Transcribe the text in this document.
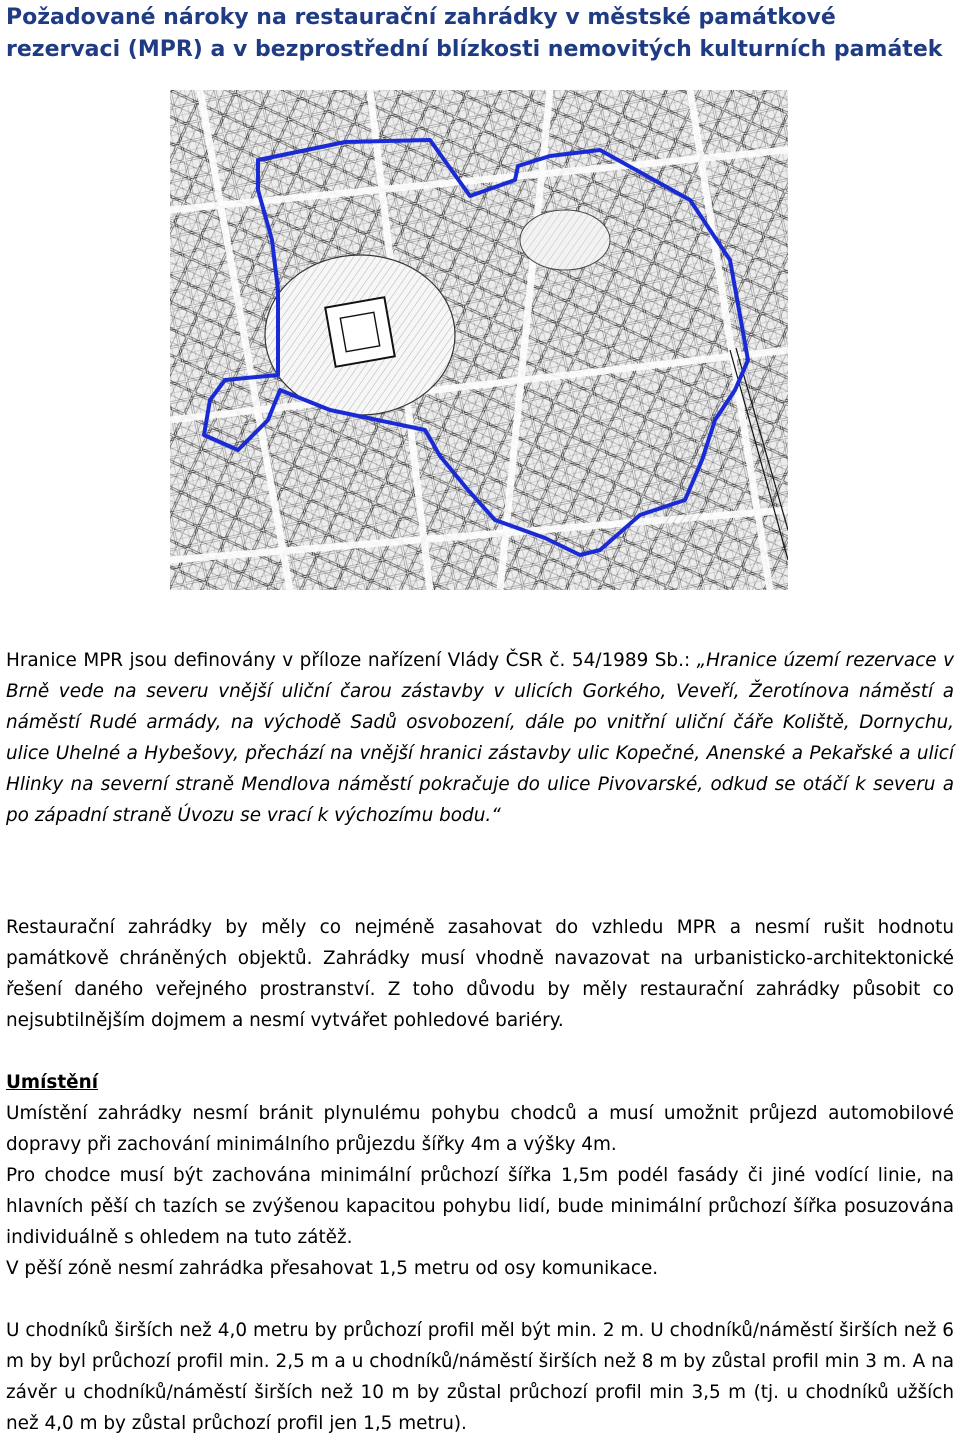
Požadované nároky na restaurační zahrádky v městské památkové rezervaci (MPR) a v bezprostřední blízkosti nemovitých kulturních památek

Hranice MPR jsou definovány v příloze nařízení Vlády ČSR č. 54/1989 Sb.: „Hranice území rezervace v Brně vede na severu vnější uliční čarou zástavby v ulicích Gorkého, Veveří, Žerotínova náměstí a náměstí Rudé armády, na východě Sadů osvobození, dále po vnitřní uliční čáře Koliště, Dornychu, ulice Uhelné a Hybešovy, přechází na vnější hranici zástavby ulic Kopečné, Anenské a Pekařské a ulicí Hlinky na severní straně Mendlova náměstí pokračuje do ulice Pivovarské, odkud se otáčí k severu a po západní straně Úvozu se vrací k výchozímu bodu.“

Restaurační zahrádky by měly co nejméně zasahovat do vzhledu MPR a nesmí rušit hodnotu památkově chráněných objektů. Zahrádky musí vhodně navazovat na urbanisticko-architektonické řešení daného veřejného prostranství. Z toho důvodu by měly restaurační zahrádky působit co nejsubtilnějším dojmem a nesmí vytvářet pohledové bariéry.

Umístění

Umístění zahrádky nesmí bránit plynulému pohybu chodců a musí umožnit průjezd automobilové dopravy při zachování minimálního průjezdu šířky 4m a výšky 4m.

Pro chodce musí být zachována minimální průchozí šířka 1,5m podél fasády či jiné vodící linie, na hlavních pěší ch tazích se zvýšenou kapacitou pohybu lidí, bude minimální průchozí šířka posuzována individuálně s ohledem na tuto zátěž.

V pěší zóně nesmí zahrádka přesahovat 1,5 metru od osy komunikace.

U chodníků širších než 4,0 metru by průchozí profil měl být min. 2 m. U chodníků/náměstí širších než 6 m by byl průchozí profil min. 2,5 m a u chodníků/náměstí širších než 8 m by zůstal profil min 3 m. A na závěr u chodníků/náměstí širších než 10 m by zůstal průchozí profil min 3,5 m (tj. u chodníků užších než 4,0 m by zůstal průchozí profil jen 1,5 metru).
